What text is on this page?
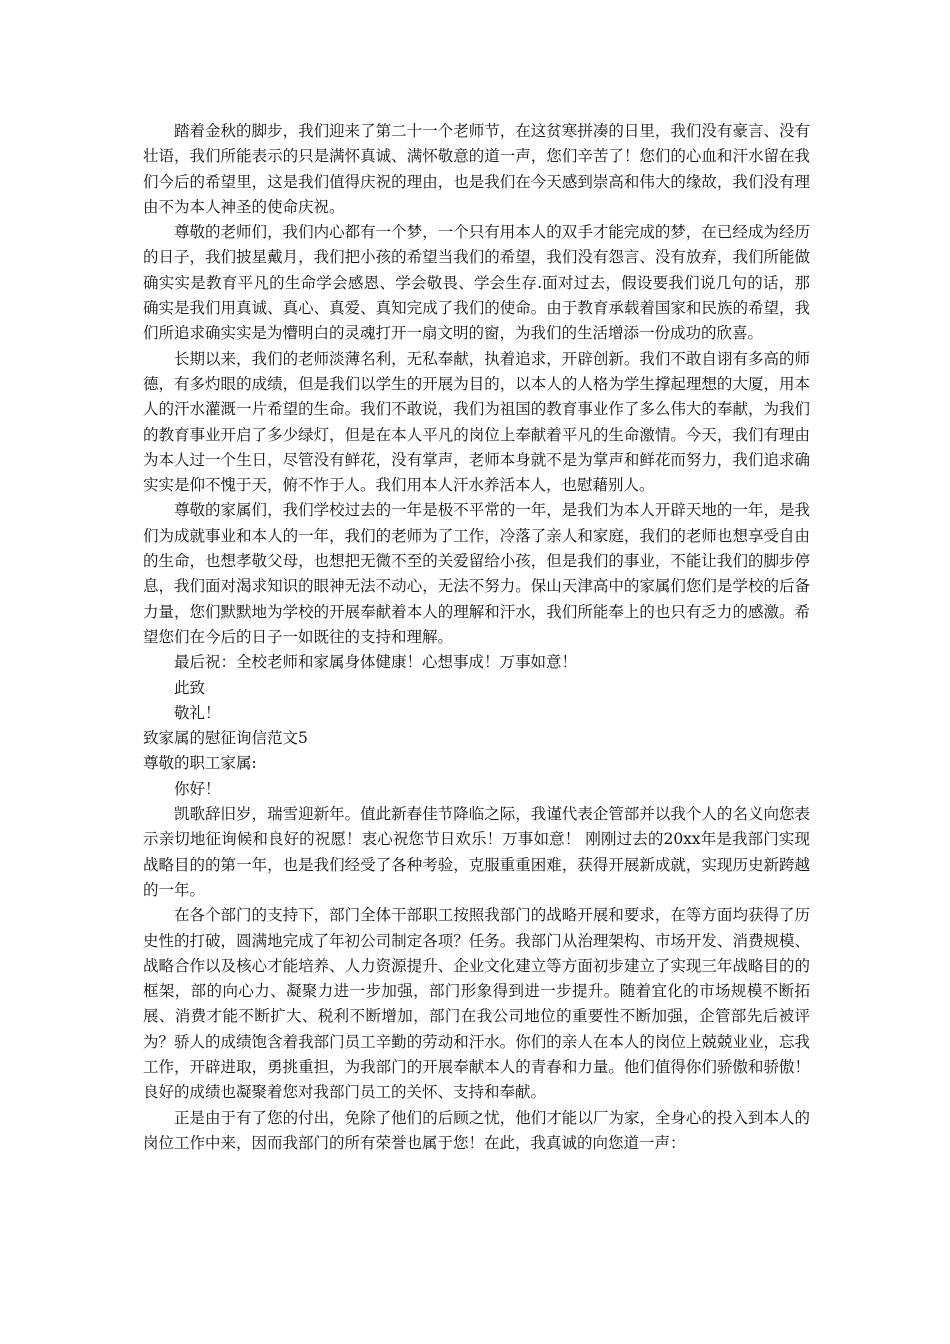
踏着金秋的脚步，我们迎来了第二十一个老师节，在这贫寒拼凑的日里，我们没有豪言、没有壮语，我们所能表示的只是满怀真诚、满怀敬意的道一声，您们辛苦了！您们的心血和汗水留在我们今后的希望里，这是我们值得庆祝的理由，也是我们在今天感到崇高和伟大的缘故，我们没有理由不为本人神圣的使命庆祝。

尊敬的老师们，我们内心都有一个梦，一个只有用本人的双手才能完成的梦，在已经成为经历的日子，我们披星戴月，我们把小孩的希望当我们的希望，我们没有怨言、没有放弃，我们所能做确实实是教育平凡的生命学会感恩、学会敬畏、学会生存.面对过去，假设要我们说几句的话，那确实是我们用真诚、真心、真爱、真知完成了我们的使命。由于教育承载着国家和民族的希望，我们所追求确实实是为懵明白的灵魂打开一扇文明的窗，为我们的生活增添一份成功的欣喜。

长期以来，我们的老师淡薄名利，无私奉献，执着追求，开辟创新。我们不敢自诩有多高的师德，有多灼眼的成绩，但是我们以学生的开展为目的，以本人的人格为学生撑起理想的大厦，用本人的汗水灌溉一片希望的生命。我们不敢说，我们为祖国的教育事业作了多么伟大的奉献，为我们的教育事业开启了多少绿灯，但是在本人平凡的岗位上奉献着平凡的生命激情。今天，我们有理由为本人过一个生日，尽管没有鲜花，没有掌声，老师本身就不是为掌声和鲜花而努力，我们追求确实实是仰不愧于天，俯不怍于人。我们用本人汗水养活本人，也慰藉别人。

尊敬的家属们，我们学校过去的一年是极不平常的一年，是我们为本人开辟天地的一年，是我们为成就事业和本人的一年，我们的老师为了工作，冷落了亲人和家庭，我们的老师也想享受自由的生命，也想孝敬父母，也想把无微不至的关爱留给小孩，但是我们的事业，不能让我们的脚步停息，我们面对渴求知识的眼神无法不动心，无法不努力。保山天津高中的家属们您们是学校的后备力量，您们默默地为学校的开展奉献着本人的理解和汗水，我们所能奉上的也只有乏力的感激。希望您们在今后的日子一如既往的支持和理解。

最后祝：全校老师和家属身体健康！心想事成！万事如意！

此致

敬礼！

致家属的慰征询信范文5

尊敬的职工家属:

你好！

凯歌辞旧岁，瑞雪迎新年。值此新春佳节降临之际，我谨代表企管部并以我个人的名义向您表示亲切地征询候和良好的祝愿！衷心祝您节日欢乐！万事如意！ 刚刚过去的20xx年是我部门实现战略目的的第一年，也是我们经受了各种考验，克服重重困难，获得开展新成就，实现历史新跨越的一年。

在各个部门的支持下，部门全体干部职工按照我部门的战略开展和要求，在等方面均获得了历史性的打破，圆满地完成了年初公司制定各项？任务。我部门从治理架构、市场开发、消费规模、战略合作以及核心才能培养、人力资源提升、企业文化建立等方面初步建立了实现三年战略目的的框架，部的向心力、凝聚力进一步加强，部门形象得到进一步提升。随着宜化的市场规模不断拓展、消费才能不断扩大、税利不断增加，部门在我公司地位的重要性不断加强，企管部先后被评为？骄人的成绩饱含着我部门员工辛勤的劳动和汗水。你们的亲人在本人的岗位上兢兢业业，忘我工作，开辟进取，勇挑重担，为我部门的开展奉献本人的青春和力量。他们值得你们骄傲和骄傲！良好的成绩也凝聚着您对我部门员工的关怀、支持和奉献。

正是由于有了您的付出，免除了他们的后顾之忧，他们才能以厂为家，全身心的投入到本人的岗位工作中来，因而我部门的所有荣誉也属于您！在此，我真诚的向您道一声：
